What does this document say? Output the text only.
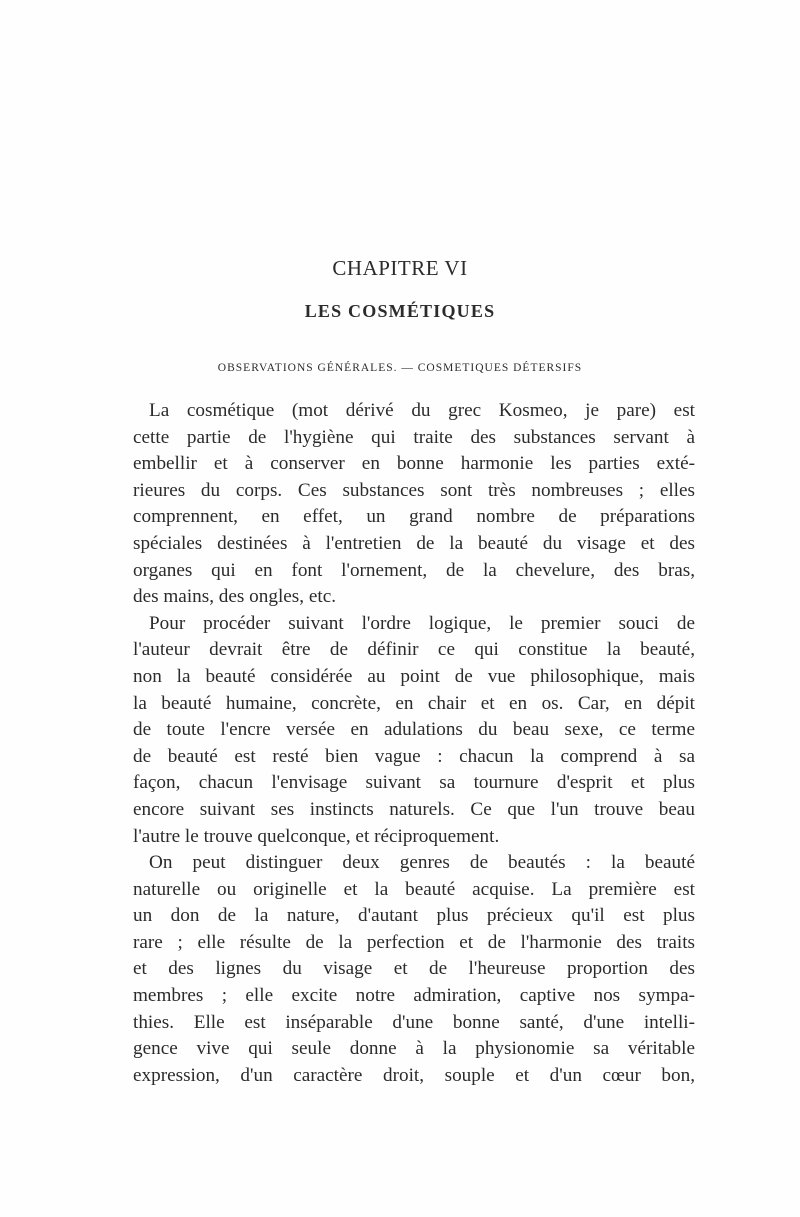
CHAPITRE VI
LES COSMÉTIQUES
OBSERVATIONS GÉNÉRALES. — COSMETIQUES DÉTERSIFS

La cosmétique (mot dérivé du grec Kosmeo, je pare) est
cette partie de l'hygiène qui traite des substances servant à
embellir et à conserver en bonne harmonie les parties exté-
rieures du corps. Ces substances sont très nombreuses ; elles
comprennent, en effet, un grand nombre de préparations
spéciales destinées à l'entretien de la beauté du visage et des
organes qui en font l'ornement, de la chevelure, des bras,
des mains, des ongles, etc.

Pour procéder suivant l'ordre logique, le premier souci de
l'auteur devrait être de définir ce qui constitue la beauté,
non la beauté considérée au point de vue philosophique, mais
la beauté humaine, concrète, en chair et en os. Car, en dépit
de toute l'encre versée en adulations du beau sexe, ce terme
de beauté est resté bien vague : chacun la comprend à sa
façon, chacun l'envisage suivant sa tournure d'esprit et plus
encore suivant ses instincts naturels. Ce que l'un trouve beau
l'autre le trouve quelconque, et réciproquement.

On peut distinguer deux genres de beautés : la beauté
naturelle ou originelle et la beauté acquise. La première est
un don de la nature, d'autant plus précieux qu'il est plus
rare ; elle résulte de la perfection et de l'harmonie des traits
et des lignes du visage et de l'heureuse proportion des
membres ; elle excite notre admiration, captive nos sympa-
thies. Elle est inséparable d'une bonne santé, d'une intelli-
gence vive qui seule donne à la physionomie sa véritable
expression, d'un caractère droit, souple et d'un cœur bon,
